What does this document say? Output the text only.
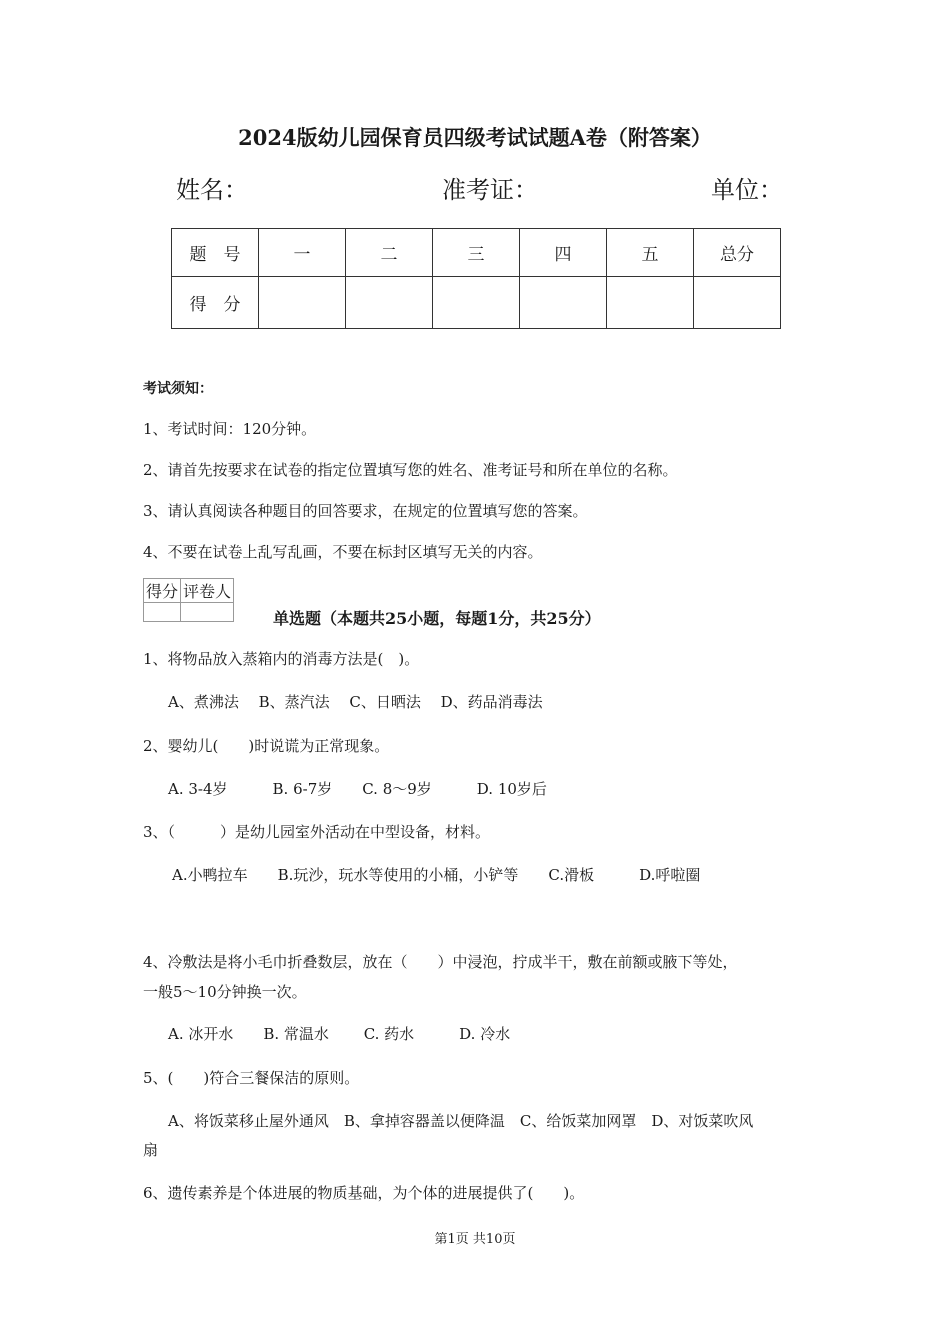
2024版幼儿园保育员四级考试试题A卷（附答案）
姓名：	准考证：	单位：
题　号	一	二	三	四	五	总分
得　分						
考试须知：
1、考试时间：120分钟。
2、请首先按要求在试卷的指定位置填写您的姓名、准考证号和所在单位的名称。
3、请认真阅读各种题目的回答要求，在规定的位置填写您的答案。
4、不要在试卷上乱写乱画，不要在标封区填写无关的内容。
得分	评卷人

单选题（本题共25小题，每题1分，共25分）
1、将物品放入蒸箱内的消毒方法是(　)。
A、煮沸法　 B、蒸汽法　 C、日晒法　 D、药品消毒法
2、婴幼儿(　　)时说谎为正常现象。
A. 3-4岁　　　B. 6-7岁　　C. 8～9岁　　　D. 10岁后
3、（　　　）是幼儿园室外活动在中型设备，材料。
A.小鸭拉车　　B.玩沙，玩水等使用的小桶，小铲等　　C.滑板　　　D.呼啦圈
4、冷敷法是将小毛巾折叠数层，放在（　　）中浸泡，拧成半干，敷在前额或腋下等处，
一般5～10分钟换一次。
A. 冰开水　　B. 常温水　　 C. 药水　　　D. 冷水
5、(　　)符合三餐保洁的原则。
A、将饭菜移止屋外通风　B、拿掉容器盖以便降温　C、给饭菜加网罩　D、对饭菜吹风
扇
6、遗传素养是个体进展的物质基础，为个体的进展提供了(　　)。
第1页 共10页
